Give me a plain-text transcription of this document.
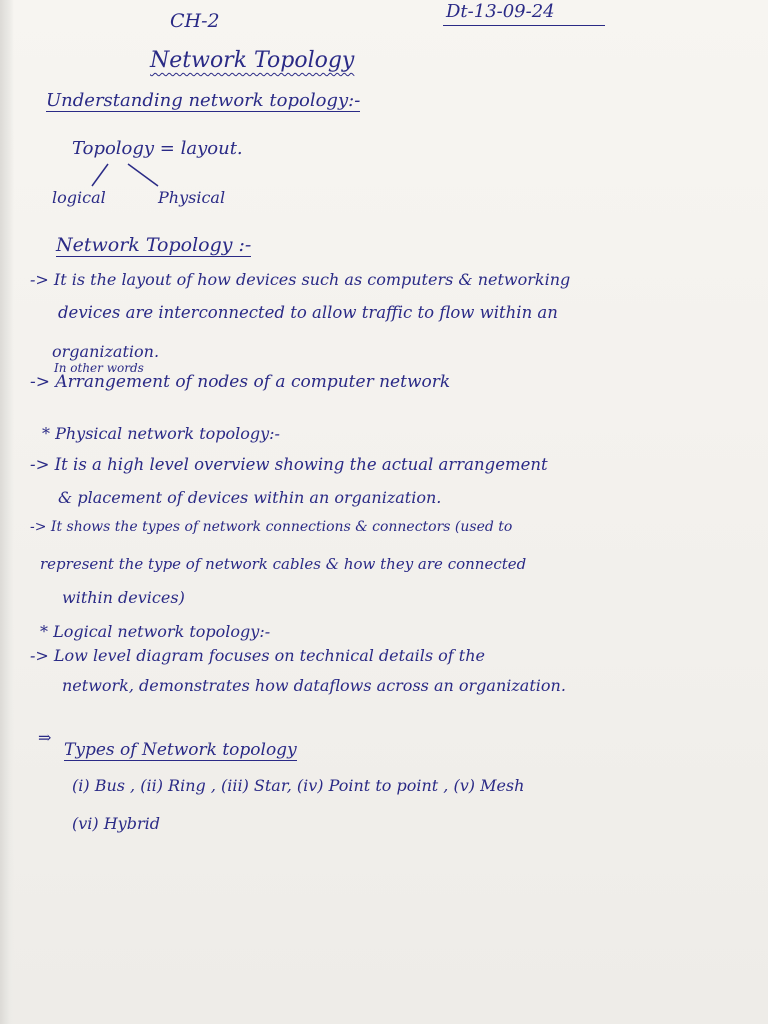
CH-2	Dt-13-09-24
Network Topology
Understanding network topology:-
Topology = layout.
logical	Physical
Network Topology :-
-> It is the layout of how devices such as computers & networking
devices are interconnected to allow traffic to flow within an
organization.
In other words
-> Arrangement of nodes of a computer network
* Physical network topology:-
-> It is a high level overview showing the actual arrangement
& placement of devices within an organization.
-> It shows the types of network connections & connectors (used to
represent the type of network cables & how they are connected
within devices)
* Logical network topology:-
-> Low level diagram focuses on technical details of the
network, demonstrates how dataflows across an organization.
⇒
Types of Network topology
(i) Bus , (ii) Ring , (iii) Star, (iv) Point to point , (v) Mesh
(vi) Hybrid
